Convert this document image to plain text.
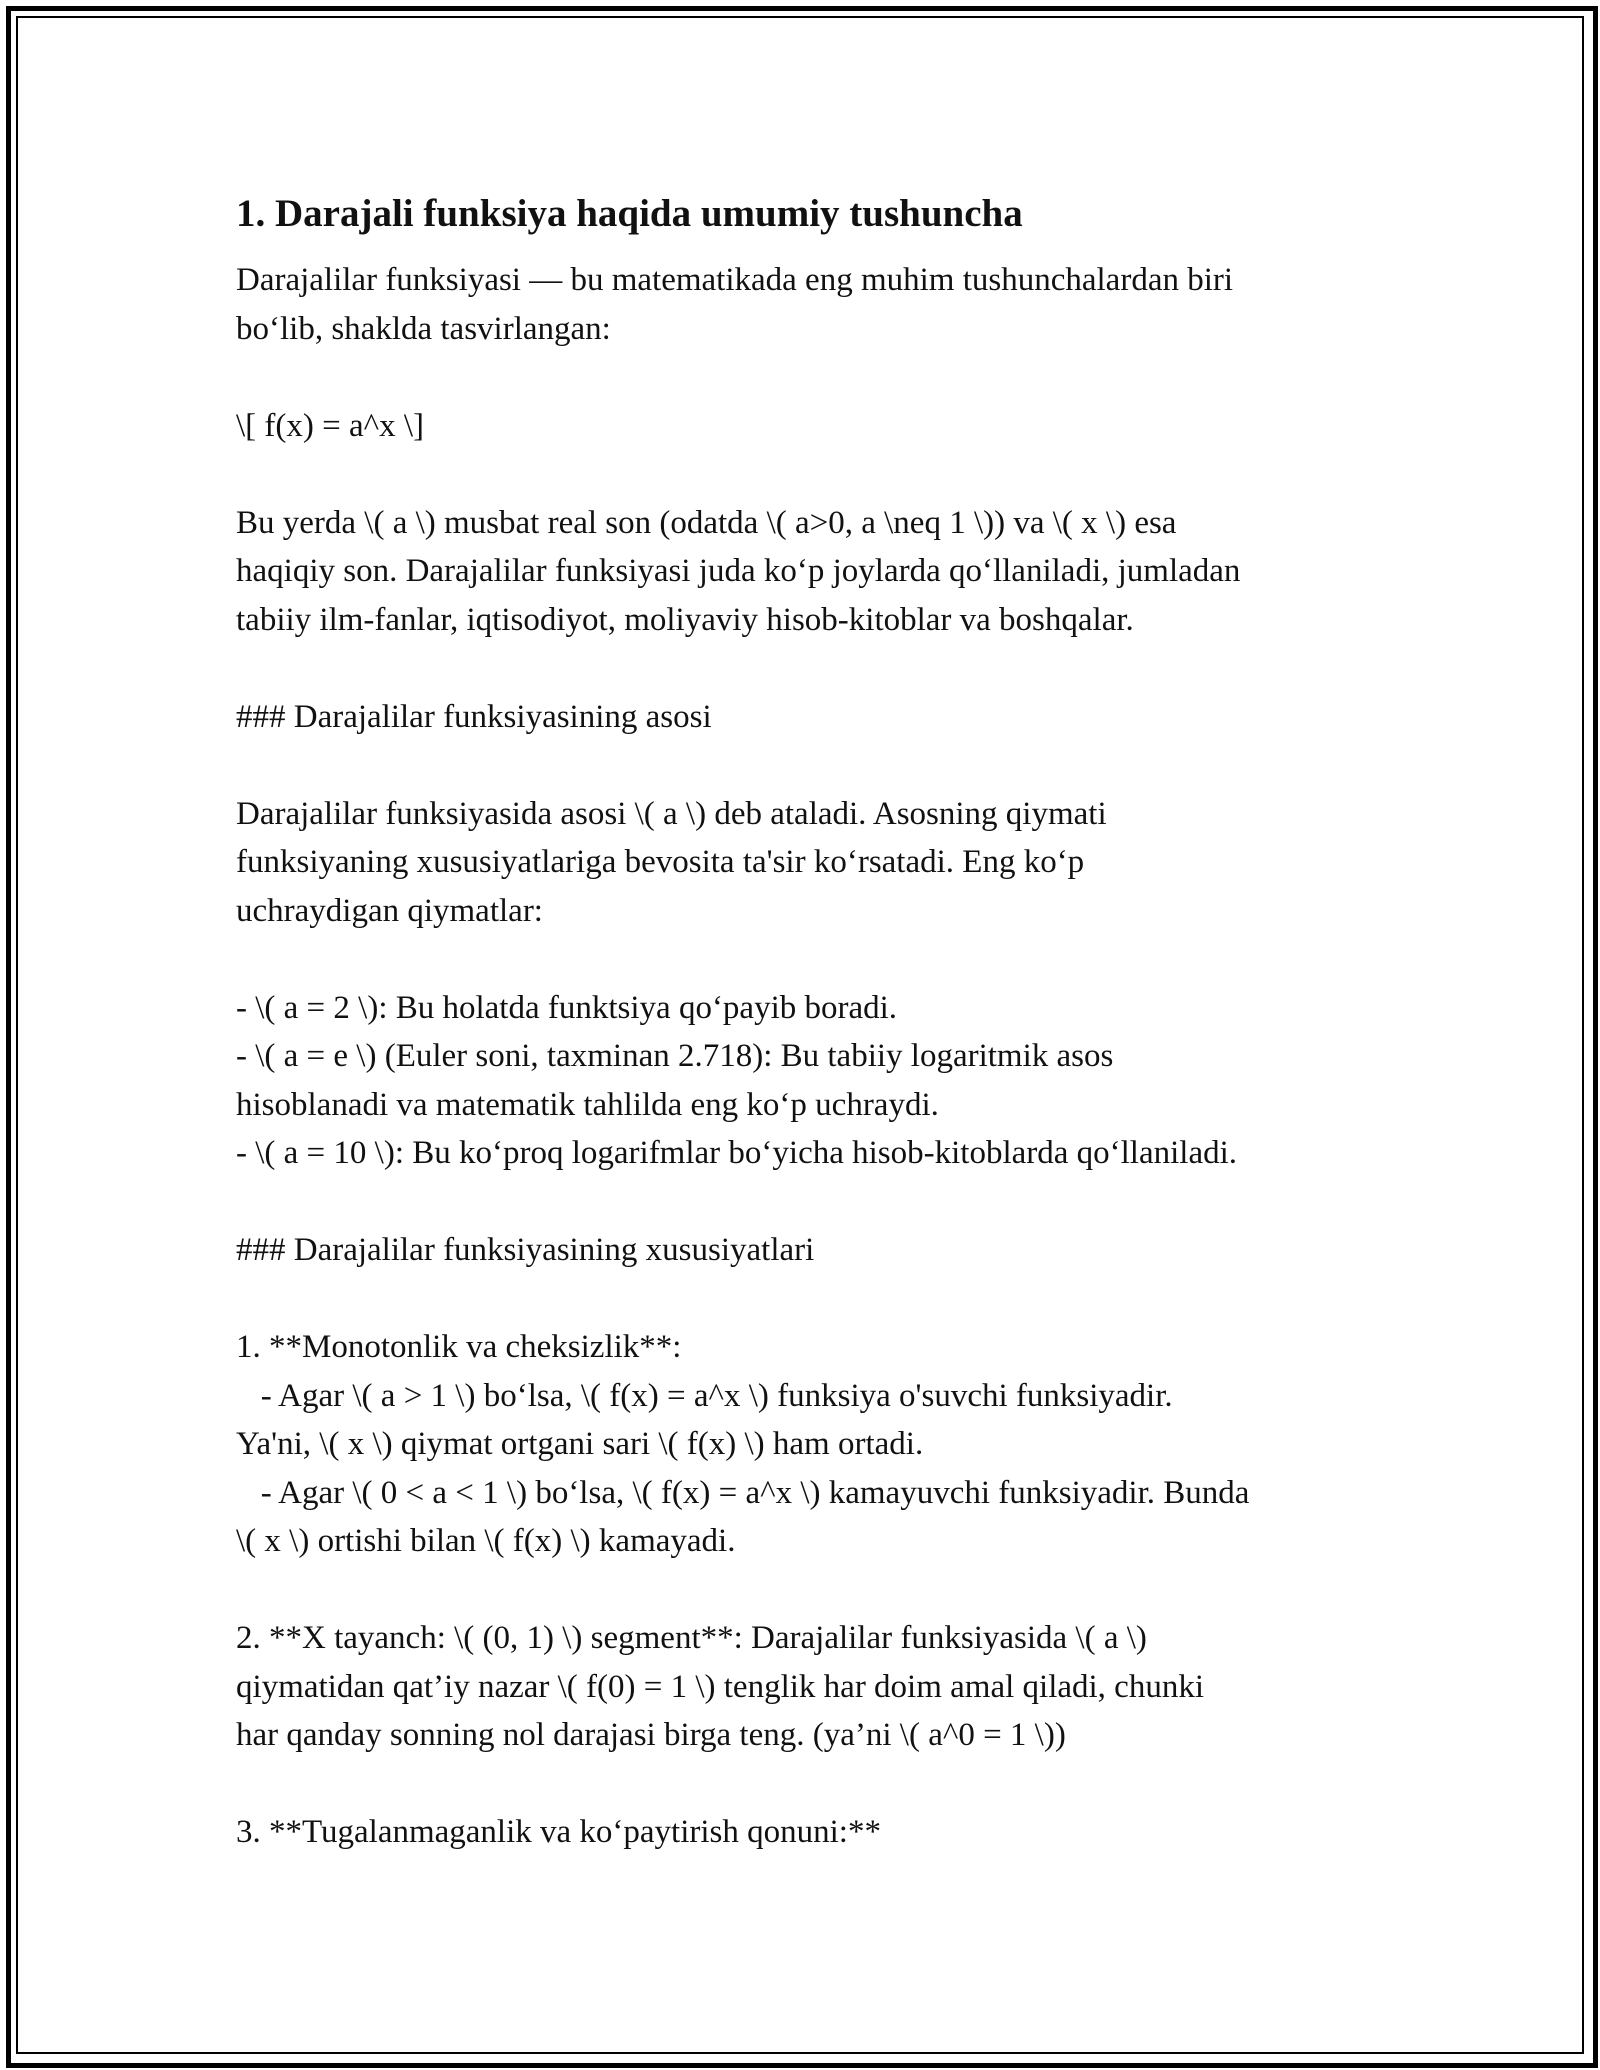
1. Darajali funksiya haqida umumiy tushuncha
Darajalilar funksiyasi — bu matematikada eng muhim tushunchalardan biri
bo‘lib, shaklda tasvirlangan:
\[ f(x) = a^x \]
Bu yerda \( a \) musbat real son (odatda \( a>0, a \neq 1 \)) va \( x \) esa
haqiqiy son. Darajalilar funksiyasi juda ko‘p joylarda qo‘llaniladi, jumladan
tabiiy ilm-fanlar, iqtisodiyot, moliyaviy hisob-kitoblar va boshqalar.
### Darajalilar funksiyasining asosi
Darajalilar funksiyasida asosi \( a \) deb ataladi. Asosning qiymati
funksiyaning xususiyatlariga bevosita ta'sir ko‘rsatadi. Eng ko‘p
uchraydigan qiymatlar:
- \( a = 2 \): Bu holatda funktsiya qo‘payib boradi.
- \( a = e \) (Euler soni, taxminan 2.718): Bu tabiiy logaritmik asos
hisoblanadi va matematik tahlilda eng ko‘p uchraydi.
- \( a = 10 \): Bu ko‘proq logarifmlar bo‘yicha hisob-kitoblarda qo‘llaniladi.
### Darajalilar funksiyasining xususiyatlari
1. **Monotonlik va cheksizlik**:
- Agar \( a > 1 \) bo‘lsa, \( f(x) = a^x \) funksiya o'suvchi funksiyadir.
Ya'ni, \( x \) qiymat ortgani sari \( f(x) \) ham ortadi.
- Agar \( 0 < a < 1 \) bo‘lsa, \( f(x) = a^x \) kamayuvchi funksiyadir. Bunda
\( x \) ortishi bilan \( f(x) \) kamayadi.
2. **X tayanch: \( (0, 1) \) segment**: Darajalilar funksiyasida \( a \)
qiymatidan qat’iy nazar \( f(0) = 1 \) tenglik har doim amal qiladi, chunki
har qanday sonning nol darajasi birga teng. (ya’ni \( a^0 = 1 \))
3. **Tugalanmaganlik va ko‘paytirish qonuni:**
